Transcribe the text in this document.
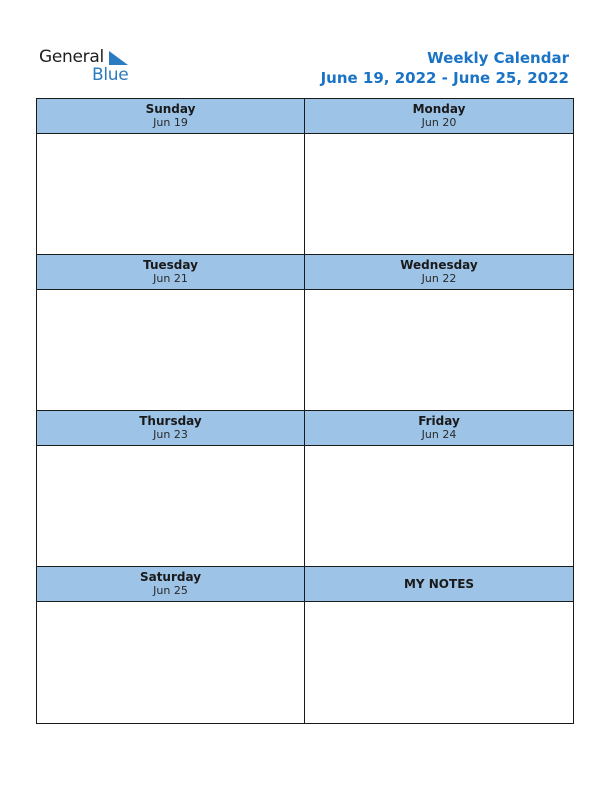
General
Blue
Weekly Calendar
June 19, 2022 - June 25, 2022
Sunday
Jun 19
Monday
Jun 20
Tuesday
Jun 21
Wednesday
Jun 22
Thursday
Jun 23
Friday
Jun 24
Saturday
Jun 25	MY NOTES
